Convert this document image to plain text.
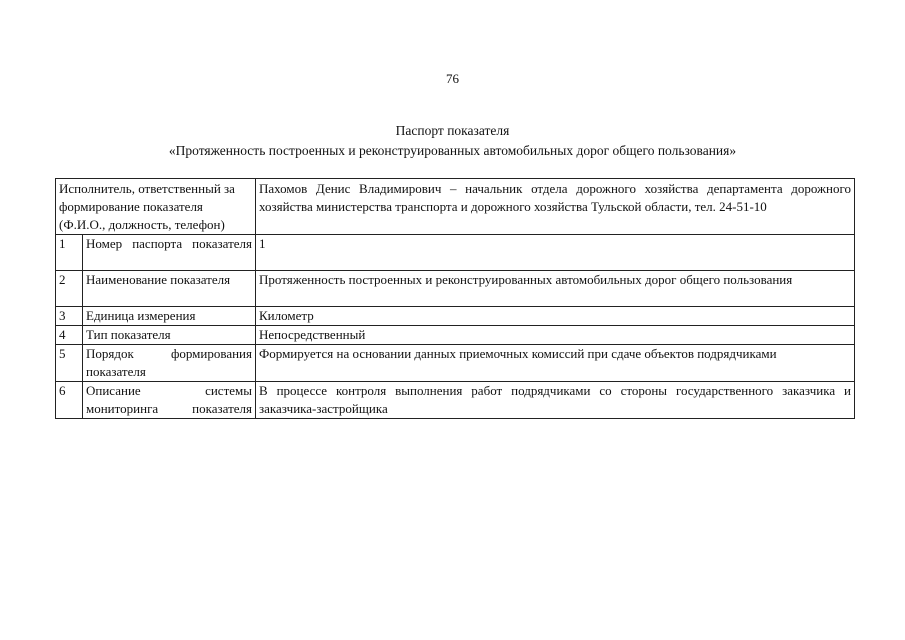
76
Паспорт показателя
«Протяженность построенных и реконструированных автомобильных дорог общего пользования»
Исполнитель, ответственный за формирование показателя (Ф.И.О., должность, телефон)		Пахомов Денис Владимирович – начальник отдела дорожного хозяйства департамента дорожного хозяйства министерства транспорта и дорожного хозяйства Тульской области, тел. 24-51-10
1	Номер паспорта показателя	1
2	Наименование показателя	Протяженность построенных и реконструированных автомобильных дорог общего пользования
3	Единица измерения	Километр
4	Тип показателя	Непосредственный
5	Порядок формирования показателя	Формируется на основании данных приемочных комиссий при сдаче объектов подрядчиками
6	Описание системы мониторинга показателя	В процессе контроля выполнения работ подрядчиками со стороны государственного заказчика и заказчика-застройщика
